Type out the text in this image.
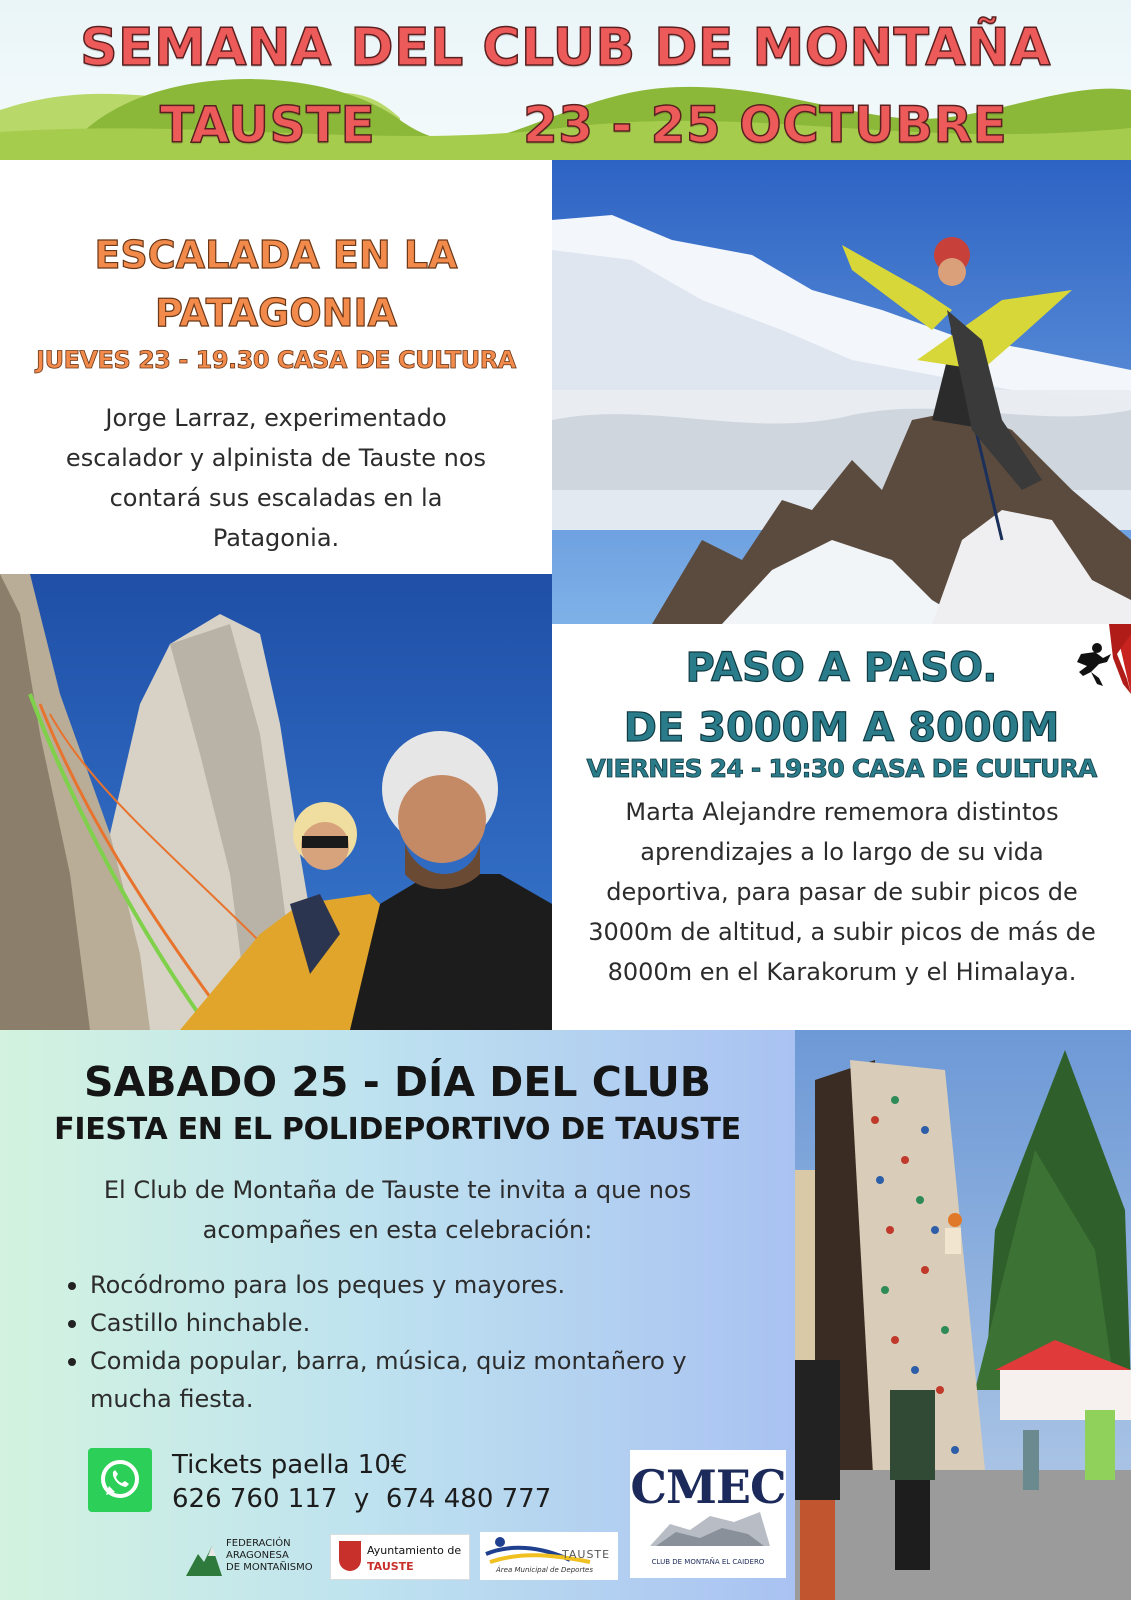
SEMANA DEL CLUB DE MONTAÑA
TAUSTE	23 - 25 OCTUBRE
ESCALADA EN LA
PATAGONIA
JUEVES 23 - 19.30 CASA DE CULTURA
Jorge Larraz, experimentado escalador y alpinista de Tauste nos contará sus escaladas en la Patagonia.
PASO A PASO.
DE 3000M A 8000M
VIERNES 24 - 19:30 CASA DE CULTURA
Marta Alejandre rememora distintos aprendizajes a lo largo de su vida deportiva, para pasar de subir picos de 3000m de altitud, a subir picos de más de 8000m en el Karakorum y el Himalaya.
SABADO 25 - DÍA DEL CLUB
FIESTA EN EL POLIDEPORTIVO DE TAUSTE
El Club de Montaña de Tauste te invita a que nos acompañes en esta celebración:
Rocódromo para los peques y mayores.
Castillo hinchable.
Comida popular, barra, música, quiz montañero y mucha fiesta.
Tickets paella 10€
626 760 117  y  674 480 777
FEDERACIÓN
ARAGONESA
DE MONTAÑISMO
Ayuntamiento de
TAUSTE
TAUSTE
Área Municipal de Deportes
CMEC
CLUB DE MONTAÑA EL CAIDERO
